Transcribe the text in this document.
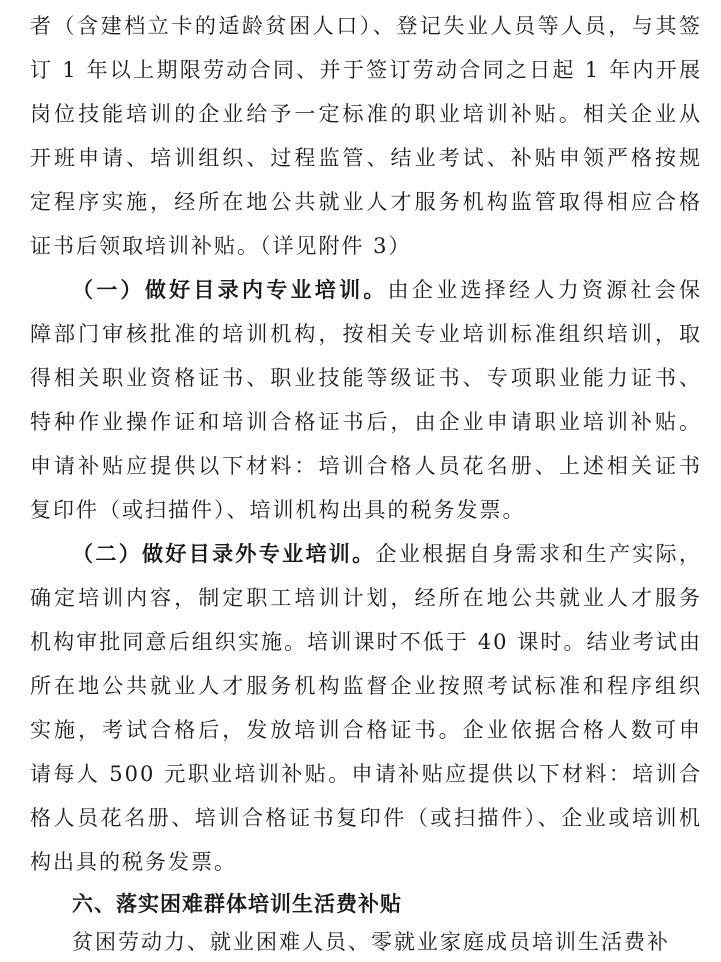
者（含建档立卡的适龄贫困人口）、登记失业人员等人员，与其签
订 1 年以上期限劳动合同、并于签订劳动合同之日起 1 年内开展
岗位技能培训的企业给予一定标准的职业培训补贴。相关企业从
开班申请、培训组织、过程监管、结业考试、补贴申领严格按规
定程序实施，经所在地公共就业人才服务机构监管取得相应合格
证书后领取培训补贴。（详见附件 3）
（一）做好目录内专业培训。由企业选择经人力资源社会保
障部门审核批准的培训机构，按相关专业培训标准组织培训，取
得相关职业资格证书、职业技能等级证书、专项职业能力证书、
特种作业操作证和培训合格证书后，由企业申请职业培训补贴。
申请补贴应提供以下材料：培训合格人员花名册、上述相关证书
复印件（或扫描件）、培训机构出具的税务发票。
（二）做好目录外专业培训。企业根据自身需求和生产实际，
确定培训内容，制定职工培训计划，经所在地公共就业人才服务
机构审批同意后组织实施。培训课时不低于 40 课时。结业考试由
所在地公共就业人才服务机构监督企业按照考试标准和程序组织
实施，考试合格后，发放培训合格证书。企业依据合格人数可申
请每人 500 元职业培训补贴。申请补贴应提供以下材料：培训合
格人员花名册、培训合格证书复印件（或扫描件）、企业或培训机
构出具的税务发票。
六、落实困难群体培训生活费补贴
贫困劳动力、就业困难人员、零就业家庭成员培训生活费补
